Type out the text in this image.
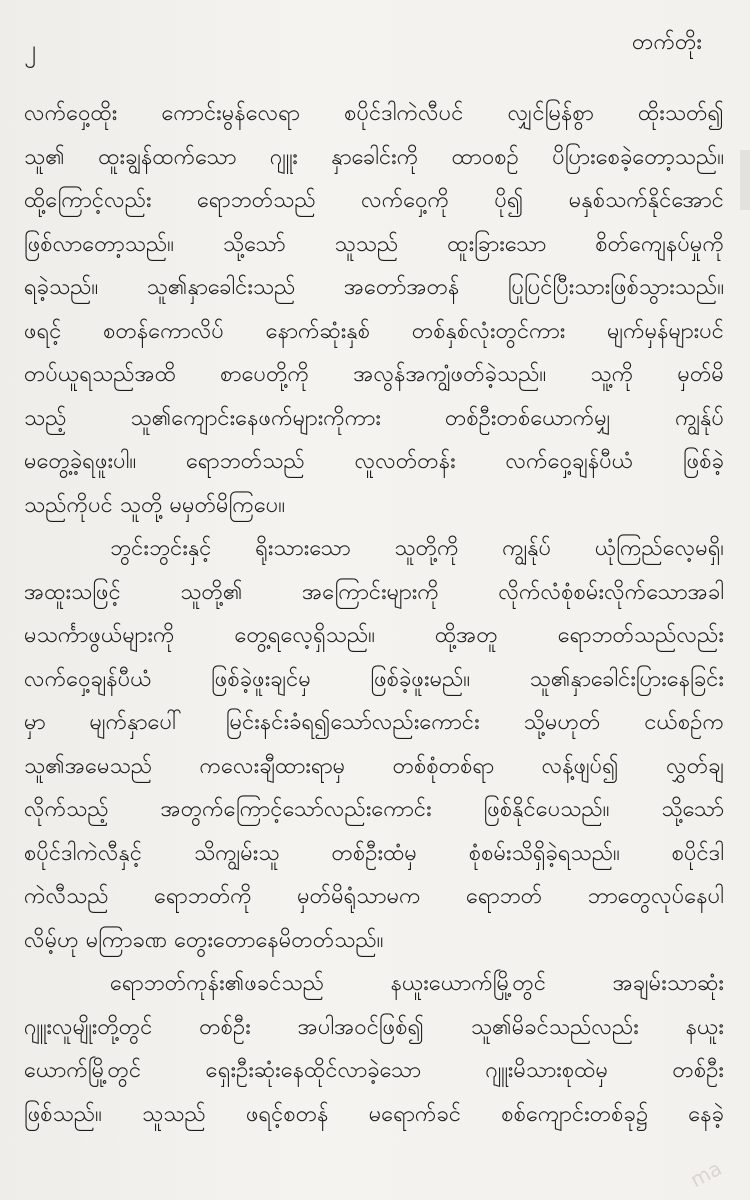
၂	တက်တိုး
လက်ဝှေ့ထိုး ကောင်းမွန်လေရာ စပိုင်ဒါကဲလီပင် လျှင်မြန်စွာ ထိုးသတ်၍
သူ၏ ထူးချွန်ထက်သော ဂျူး နှာခေါင်းကို ထာဝစဉ် ပိပြားစေခဲ့တော့သည်။
ထို့ကြောင့်လည်း ရောဘတ်သည် လက်ဝှေ့ကို ပို၍ မနှစ်သက်နိုင်အောင်
ဖြစ်လာတော့သည်။ သို့သော် သူသည် ထူးခြားသော စိတ်ကျေနပ်မှုကို
ရခဲ့သည်။ သူ၏နှာခေါင်းသည် အတော်အတန် ပြုပြင်ပြီးသားဖြစ်သွားသည်။
ဖရင့် စတန်ကောလိပ် နောက်ဆုံးနှစ် တစ်နှစ်လုံးတွင်ကား မျက်မှန်များပင်
တပ်ယူရသည်အထိ စာပေတို့ကို အလွန်အကျွံဖတ်ခဲ့သည်။ သူ့ကို မှတ်မိ
သည့် သူ၏ကျောင်းနေဖက်များကိုကား တစ်ဦးတစ်ယောက်မျှ ကျွန်ုပ်
မတွေ့ခဲ့ရဖူးပါ။ ရောဘတ်သည် လူလတ်တန်း လက်ဝှေ့ချန်ပီယံ ဖြစ်ခဲ့
သည်ကိုပင် သူတို့ မမှတ်မိကြပေ။
ဘွင်းဘွင်းနှင့် ရိုးသားသော သူတို့ကို ကျွန်ုပ် ယုံကြည်လေ့မရှိ၊
အထူးသဖြင့် သူတို့၏ အကြောင်းများကို လိုက်လံစုံစမ်းလိုက်သောအခါ
မသင်္ကာဖွယ်များကို တွေ့ရလေ့ရှိသည်။ ထို့အတူ ရောဘတ်သည်လည်း
လက်ဝှေ့ချန်ပီယံ ဖြစ်ခဲ့ဖူးချင်မှ ဖြစ်ခဲ့ဖူးမည်။ သူ၏နှာခေါင်းပြားနေခြင်း
မှာ မျက်နှာပေါ် မြင်းနင်းခံရ၍သော်လည်းကောင်း သို့မဟုတ် ငယ်စဉ်က
သူ၏အမေသည် ကလေးချီထားရာမှ တစ်စုံတစ်ရာ လန့်ဖျပ်၍ လွှတ်ချ
လိုက်သည့် အတွက်ကြောင့်သော်လည်းကောင်း ဖြစ်နိုင်ပေသည်။ သို့သော်
စပိုင်ဒါကဲလီနှင့် သိကျွမ်းသူ တစ်ဦးထံမှ စုံစမ်းသိရှိခဲ့ရသည်။ စပိုင်ဒါ
ကဲလီသည် ရောဘတ်ကို မှတ်မိရုံသာမက ရောဘတ် ဘာတွေလုပ်နေပါ
လိမ့်ဟု မကြာခဏ တွေးတောနေမိတတ်သည်။
ရောဘတ်ကုန်း၏ဖခင်သည် နယူးယောက်မြို့တွင် အချမ်းသာဆုံး
ဂျူးလူမျိုးတို့တွင် တစ်ဦး အပါအဝင်ဖြစ်၍ သူ၏မိခင်သည်လည်း နယူး
ယောက်မြို့တွင် ရှေးဦးဆုံးနေထိုင်လာခဲ့သော ဂျူးမိသားစုထဲမှ တစ်ဦး
ဖြစ်သည်။ သူသည် ဖရင့်စတန် မရောက်ခင် စစ်ကျောင်းတစ်ခု၌ နေခဲ့
ma
